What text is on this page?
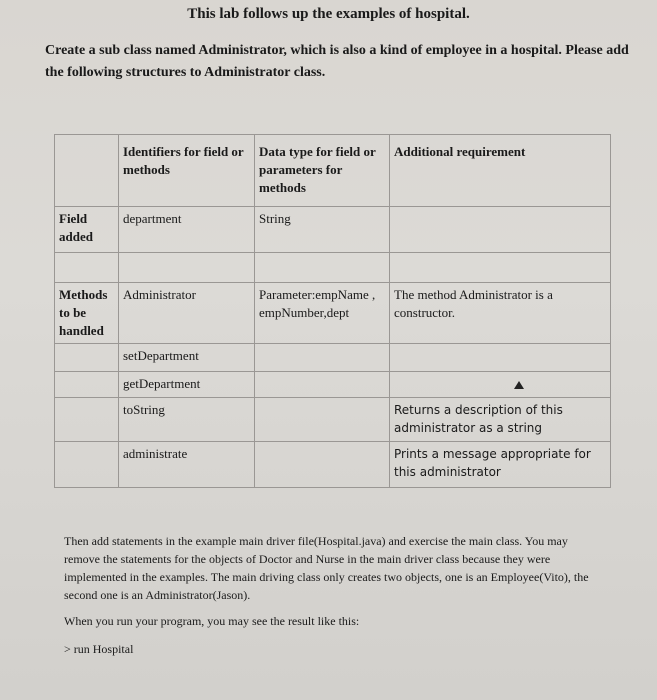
This lab follows up the examples of hospital.
Create a sub class named Administrator, which is also a kind of employee in a hospital. Please add the following structures to Administrator class.
	Identifiers for field or methods	Data type for field or parameters for methods	Additional requirement
Field added	department	String	

Methods to be handled	Administrator	Parameter:empName , empNumber,dept	The method Administrator is a constructor.
	setDepartment		
	getDepartment		
	toString		Returns a description of this administrator as a string
	administrate		Prints a message appropriate for this administrator

Then add statements in the example main driver file(Hospital.java) and exercise the main class. You may remove the statements for the objects of Doctor and Nurse in the main driver class because they were implemented in the examples. The main driving class only creates two objects, one is an Employee(Vito), the second one is an Administrator(Jason).

When you run your program, you may see the result like this:

> run Hospital
